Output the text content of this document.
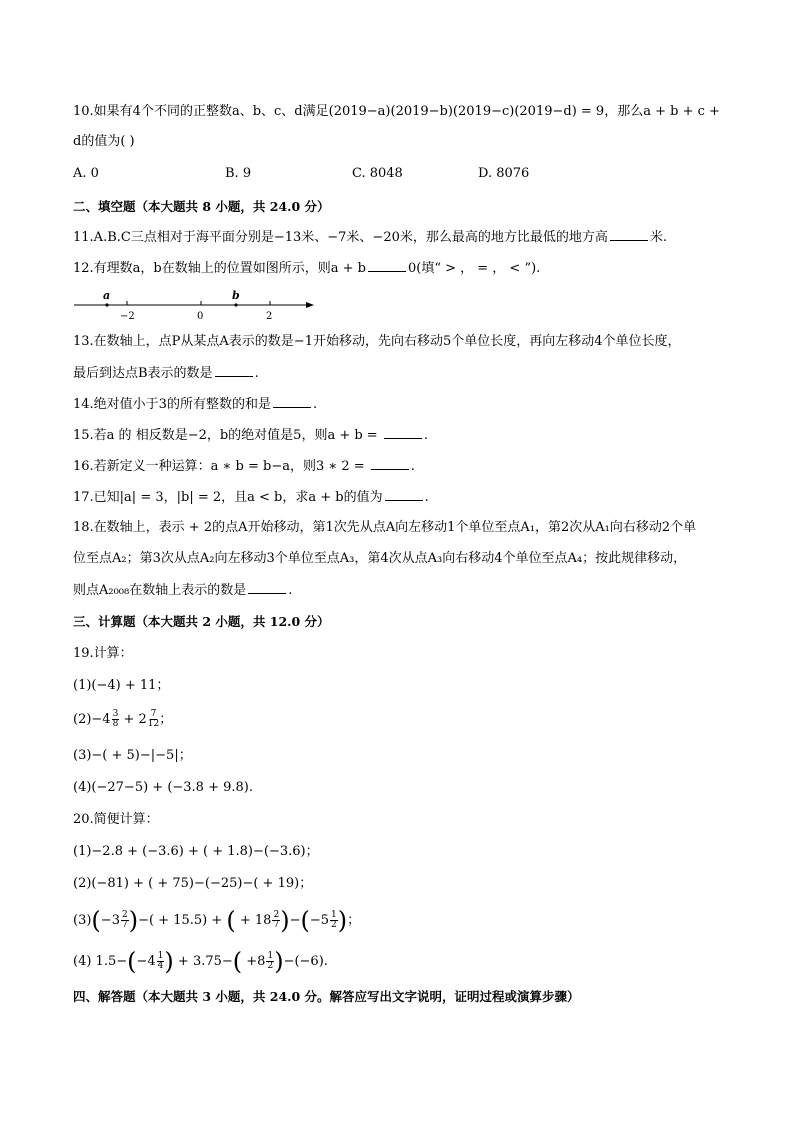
10.如果有4个不同的正整数a、b、c、d满足(2019−a)(2019−b)(2019−c)(2019−d) = 9，那么a + b + c +
d的值为( )
A. 0	B. 9	C. 8048	D. 8076
二、填空题（本大题共 8 小题，共 24.0 分）
11.A.B.C三点相对于海平面分别是−13米、−7米、−20米，那么最高的地方比最低的地方高	米.
12.有理数a，b在数轴上的位置如图所示，则a + b	0(填“ > ， = ， < ”).
a	b
−2	0	2
13.在数轴上，点P从某点A表示的数是−1开始移动，先向右移动5个单位长度，再向左移动4个单位长度，
最后到达点B表示的数是	.
14.绝对值小于3的所有整数的和是	.
15.若a 的 相反数是−2，b的绝对值是5，则a + b =	.
16.若新定义一种运算：a ∗ b = b−a，则3 ∗ 2 =	.
17.已知|a| = 3，|b| = 2，且a < b，求a + b的值为	.
18.在数轴上，表示 + 2的点A开始移动，第1次先从点A向左移动1个单位至点A₁，第2次从A₁向右移动2个单
位至点A₂；第3次从点A₂向左移动3个单位至点A₃，第4次从点A₃向右移动4个单位至点A₄；按此规律移动，
则点A₂₀₀₈在数轴上表示的数是	.
三、计算题（本大题共 2 小题，共 12.0 分）
19.计算：
(1)(−4) + 11；
$(2)-4 \frac{3}{8} + 2 \frac{7}{12}$ ；
(3)−( + 5)−|−5|；
(4)(−27−5) + (−3.8 + 9.8).
20.简便计算：
(1)−2.8 + (−3.6) + ( + 1.8)−(−3.6)；
(2)(−81) + ( + 75)−(−25)−( + 19)；
$(3)(-3 \frac{2}{7}$ )−( + 15.5) + ( + $18 \frac{2}{7} )-(-5 \frac{1}{2}$ )；
(4) $1.5-(-4 \frac{1}{4}$ ) + $3.75-( +8 \frac{1}{2} )-(-6)$.
四、解答题（本大题共 3 小题，共 24.0 分。解答应写出文字说明，证明过程或演算步骤）
